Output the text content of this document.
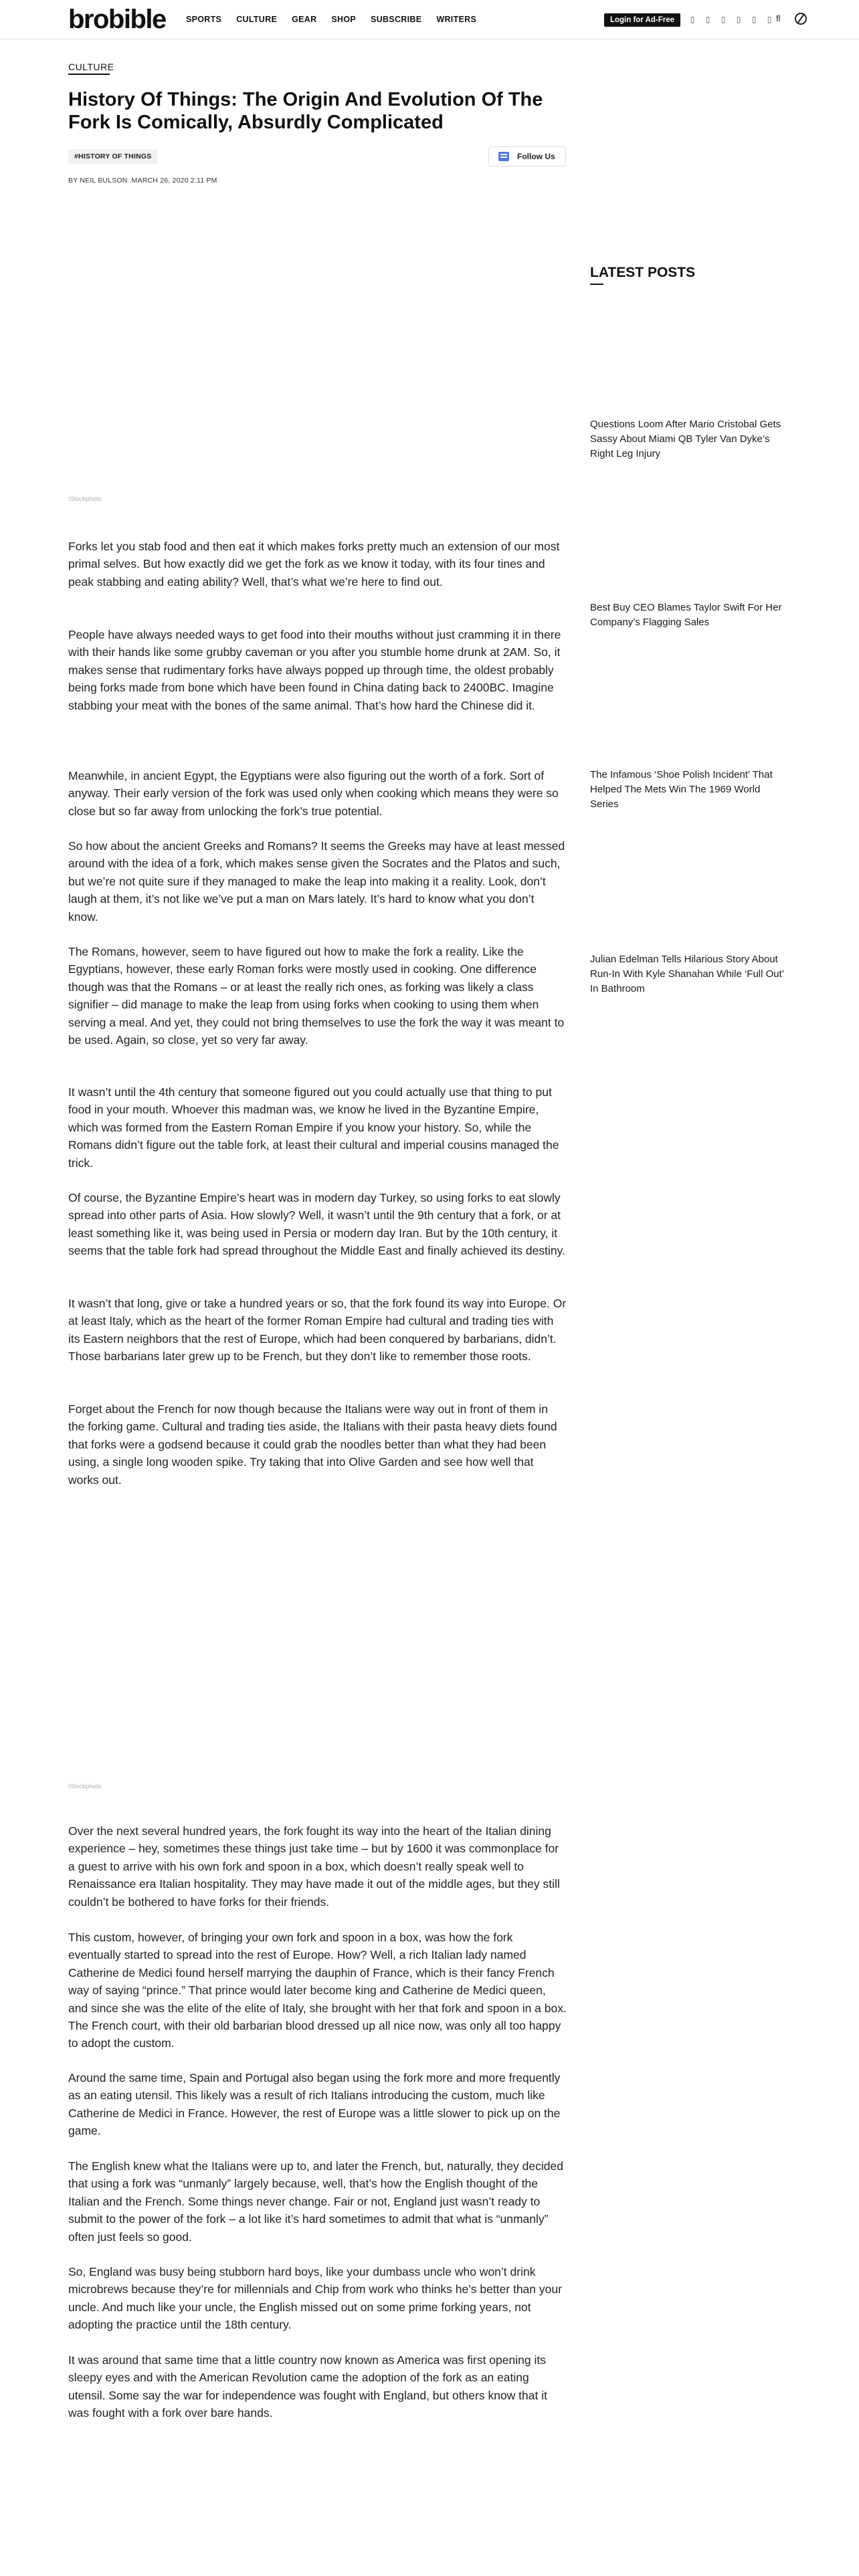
brobible SPORTS CULTURE GEAR SHOP SUBSCRIBE WRITERS	Login for Ad-Free	▯ ▯ ▯ ▯ ▯ ▯ fl
CULTURE
History Of Things: The Origin And Evolution Of The Fork Is Comically, Absurdly Complicated
#HISTORY OF THINGS	Follow Us
BY NEIL BULSON MARCH 26, 2020 2:11 PM
iStockphoto

Forks let you stab food and then eat it which makes forks pretty much an extension of our most primal selves. But how exactly did we get the fork as we know it today, with its four tines and peak stabbing and eating ability? Well, that’s what we’re here to find out.

People have always needed ways to get food into their mouths without just cramming it in there with their hands like some grubby caveman or you after you stumble home drunk at 2AM. So, it makes sense that rudimentary forks have always popped up through time, the oldest probably being forks made from bone which have been found in China dating back to 2400BC. Imagine stabbing your meat with the bones of the same animal. That’s how hard the Chinese did it.

Meanwhile, in ancient Egypt, the Egyptians were also figuring out the worth of a fork. Sort of anyway. Their early version of the fork was used only when cooking which means they were so close but so far away from unlocking the fork’s true potential.

So how about the ancient Greeks and Romans? It seems the Greeks may have at least messed around with the idea of a fork, which makes sense given the Socrates and the Platos and such, but we’re not quite sure if they managed to make the leap into making it a reality. Look, don’t laugh at them, it’s not like we’ve put a man on Mars lately. It’s hard to know what you don’t know.

The Romans, however, seem to have figured out how to make the fork a reality. Like the Egyptians, however, these early Roman forks were mostly used in cooking. One difference though was that the Romans – or at least the really rich ones, as forking was likely a class signifier – did manage to make the leap from using forks when cooking to using them when serving a meal. And yet, they could not bring themselves to use the fork the way it was meant to be used. Again, so close, yet so very far away.

It wasn’t until the 4th century that someone figured out you could actually use that thing to put food in your mouth. Whoever this madman was, we know he lived in the Byzantine Empire, which was formed from the Eastern Roman Empire if you know your history. So, while the Romans didn’t figure out the table fork, at least their cultural and imperial cousins managed the trick.

Of course, the Byzantine Empire’s heart was in modern day Turkey, so using forks to eat slowly spread into other parts of Asia. How slowly? Well, it wasn’t until the 9th century that a fork, or at least something like it, was being used in Persia or modern day Iran. But by the 10th century, it seems that the table fork had spread throughout the Middle East and finally achieved its destiny.

It wasn’t that long, give or take a hundred years or so, that the fork found its way into Europe. Or at least Italy, which as the heart of the former Roman Empire had cultural and trading ties with its Eastern neighbors that the rest of Europe, which had been conquered by barbarians, didn’t. Those barbarians later grew up to be French, but they don’t like to remember those roots.

Forget about the French for now though because the Italians were way out in front of them in the forking game. Cultural and trading ties aside, the Italians with their pasta heavy diets found that forks were a godsend because it could grab the noodles better than what they had been using, a single long wooden spike. Try taking that into Olive Garden and see how well that works out.

iStockphoto

Over the next several hundred years, the fork fought its way into the heart of the Italian dining experience – hey, sometimes these things just take time – but by 1600 it was commonplace for a guest to arrive with his own fork and spoon in a box, which doesn’t really speak well to Renaissance era Italian hospitality. They may have made it out of the middle ages, but they still couldn’t be bothered to have forks for their friends.

This custom, however, of bringing your own fork and spoon in a box, was how the fork eventually started to spread into the rest of Europe. How? Well, a rich Italian lady named Catherine de Medici found herself marrying the dauphin of France, which is their fancy French way of saying “prince.” That prince would later become king and Catherine de Medici queen, and since she was the elite of the elite of Italy, she brought with her that fork and spoon in a box. The French court, with their old barbarian blood dressed up all nice now, was only all too happy to adopt the custom.

Around the same time, Spain and Portugal also began using the fork more and more frequently as an eating utensil. This likely was a result of rich Italians introducing the custom, much like Catherine de Medici in France. However, the rest of Europe was a little slower to pick up on the game.

The English knew what the Italians were up to, and later the French, but, naturally, they decided that using a fork was “unmanly” largely because, well, that’s how the English thought of the Italian and the French. Some things never change. Fair or not, England just wasn’t ready to submit to the power of the fork – a lot like it’s hard sometimes to admit that what is “unmanly” often just feels so good.

So, England was busy being stubborn hard boys, like your dumbass uncle who won’t drink microbrews because they’re for millennials and Chip from work who thinks he’s better than your uncle. And much like your uncle, the English missed out on some prime forking years, not adopting the practice until the 18th century.

It was around that same time that a little country now known as America was first opening its sleepy eyes and with the American Revolution came the adoption of the fork as an eating utensil. Some say the war for independence was fought with England, but others know that it was fought with a fork over bare hands.

LATEST POSTS
Questions Loom After Mario Cristobal Gets Sassy About Miami QB Tyler Van Dyke’s Right Leg Injury
Best Buy CEO Blames Taylor Swift For Her Company’s Flagging Sales
The Infamous ‘Shoe Polish Incident’ That Helped The Mets Win The 1969 World Series
Julian Edelman Tells Hilarious Story About Run-In With Kyle Shanahan While ‘Full Out’ In Bathroom
